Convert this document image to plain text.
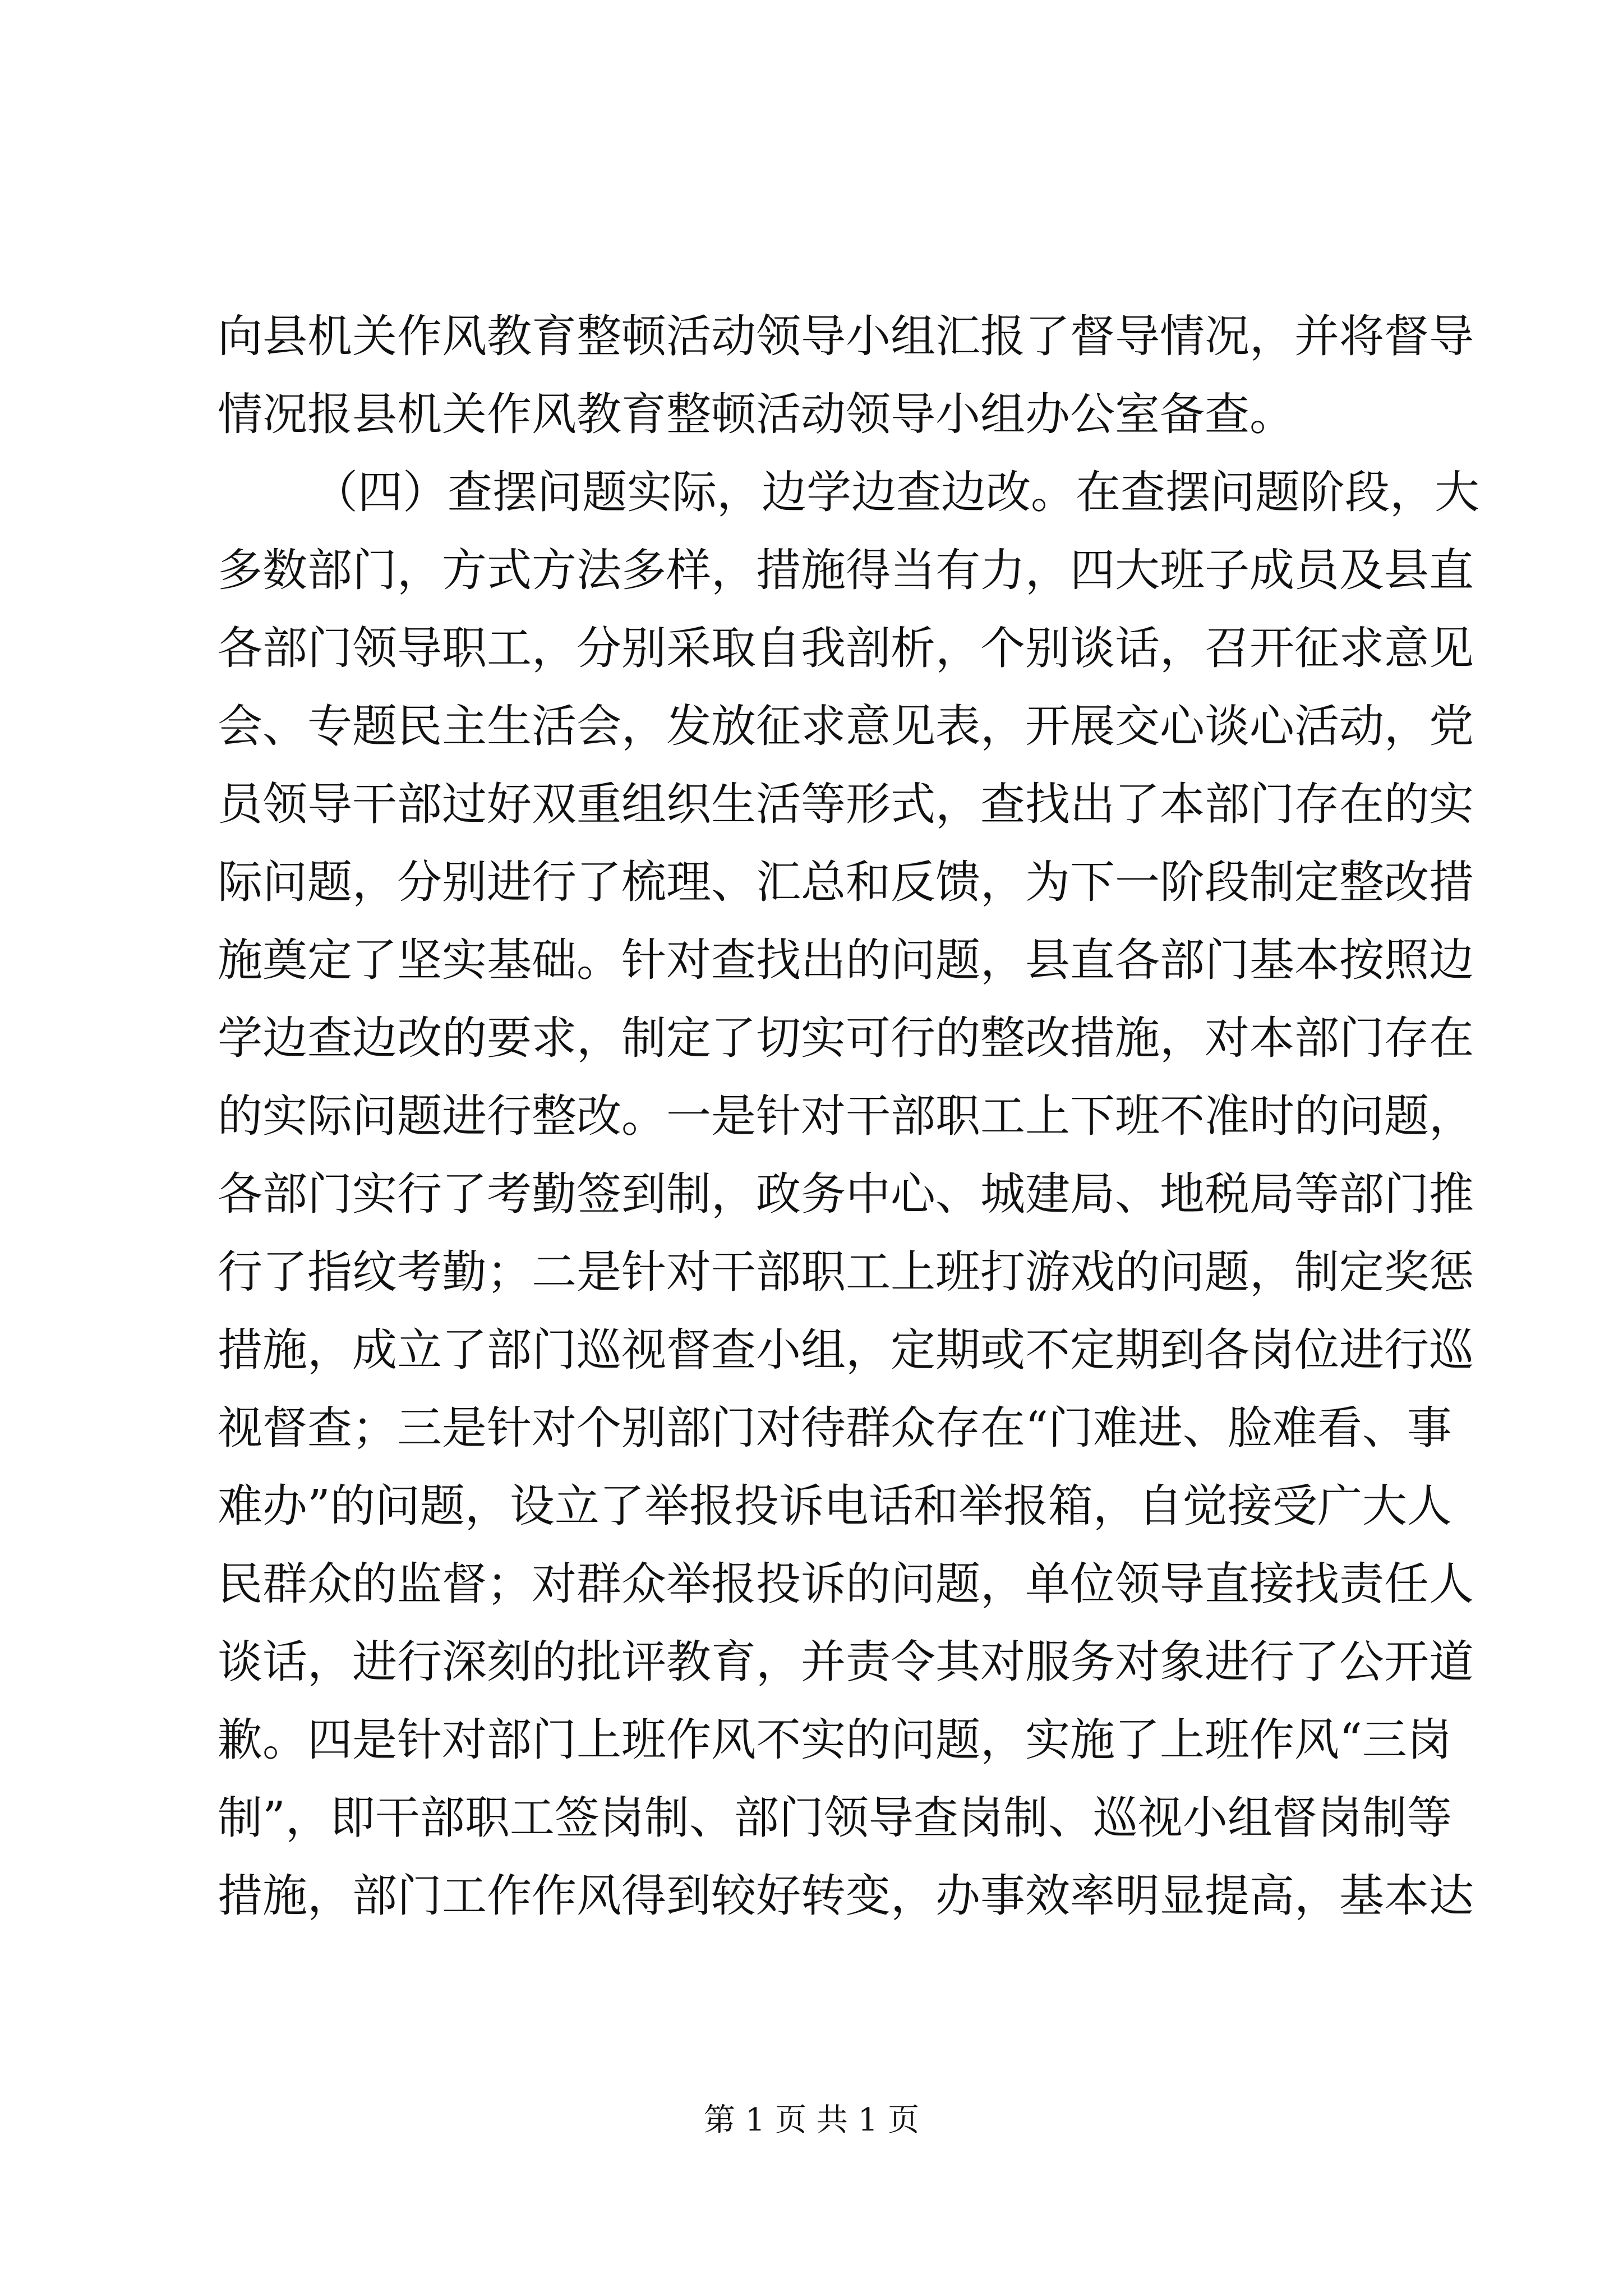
向县机关作风教育整顿活动领导小组汇报了督导情况，并将督导
情况报县机关作风教育整顿活动领导小组办公室备查。
（四）查摆问题实际，边学边查边改。在查摆问题阶段，大
多数部门，方式方法多样，措施得当有力，四大班子成员及县直
各部门领导职工，分别采取自我剖析，个别谈话，召开征求意见
会、专题民主生活会，发放征求意见表，开展交心谈心活动，党
员领导干部过好双重组织生活等形式，查找出了本部门存在的实
际问题，分别进行了梳理、汇总和反馈，为下一阶段制定整改措
施奠定了坚实基础。针对查找出的问题，县直各部门基本按照边
学边查边改的要求，制定了切实可行的整改措施，对本部门存在
的实际问题进行整改。一是针对干部职工上下班不准时的问题，
各部门实行了考勤签到制，政务中心、城建局、地税局等部门推
行了指纹考勤；二是针对干部职工上班打游戏的问题，制定奖惩
措施，成立了部门巡视督查小组，定期或不定期到各岗位进行巡
视督查；三是针对个别部门对待群众存在“门难进、脸难看、事
难办”的问题，设立了举报投诉电话和举报箱，自觉接受广大人
民群众的监督；对群众举报投诉的问题，单位领导直接找责任人
谈话，进行深刻的批评教育，并责令其对服务对象进行了公开道
歉。四是针对部门上班作风不实的问题，实施了上班作风“三岗
制”，即干部职工签岗制、部门领导查岗制、巡视小组督岗制等
措施，部门工作作风得到较好转变，办事效率明显提高，基本达
第 1 页 共 1 页
